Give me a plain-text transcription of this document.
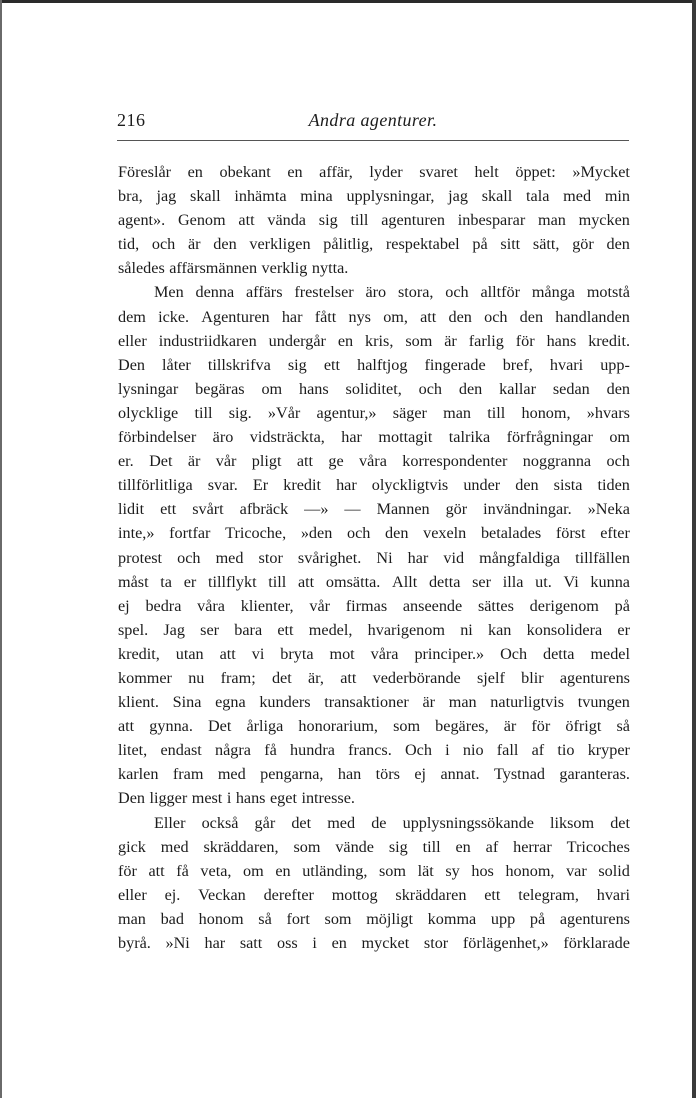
216	Andra agenturer.
Föreslår en obekant en affär, lyder svaret helt öppet: »Mycket
bra, jag skall inhämta mina upplysningar, jag skall tala med min
agent». Genom att vända sig till agenturen inbesparar man mycken
tid, och är den verkligen pålitlig, respektabel på sitt sätt, gör den
således affärsmännen verklig nytta.
Men denna affärs frestelser äro stora, och alltför många motstå
dem icke. Agenturen har fått nys om, att den och den handlanden
eller industriidkaren undergår en kris, som är farlig för hans kredit.
Den låter tillskrifva sig ett halftjog fingerade bref, hvari upp-
lysningar begäras om hans soliditet, och den kallar sedan den
olycklige till sig. »Vår agentur,» säger man till honom, »hvars
förbindelser äro vidsträckta, har mottagit talrika förfrågningar om
er. Det är vår pligt att ge våra korrespondenter noggranna och
tillförlitliga svar. Er kredit har olyckligtvis under den sista tiden
lidit ett svårt afbräck —» — Mannen gör invändningar. »Neka
inte,» fortfar Tricoche, »den och den vexeln betalades först efter
protest och med stor svårighet. Ni har vid mångfaldiga tillfällen
måst ta er tillflykt till att omsätta. Allt detta ser illa ut. Vi kunna
ej bedra våra klienter, vår firmas anseende sättes derigenom på
spel. Jag ser bara ett medel, hvarigenom ni kan konsolidera er
kredit, utan att vi bryta mot våra principer.» Och detta medel
kommer nu fram; det är, att vederbörande sjelf blir agenturens
klient. Sina egna kunders transaktioner är man naturligtvis tvungen
att gynna. Det årliga honorarium, som begäres, är för öfrigt så
litet, endast några få hundra francs. Och i nio fall af tio kryper
karlen fram med pengarna, han törs ej annat. Tystnad garanteras.
Den ligger mest i hans eget intresse.
Eller också går det med de upplysningssökande liksom det
gick med skräddaren, som vände sig till en af herrar Tricoches
för att få veta, om en utländing, som lät sy hos honom, var solid
eller ej. Veckan derefter mottog skräddaren ett telegram, hvari
man bad honom så fort som möjligt komma upp på agenturens
byrå. »Ni har satt oss i en mycket stor förlägenhet,» förklarade
